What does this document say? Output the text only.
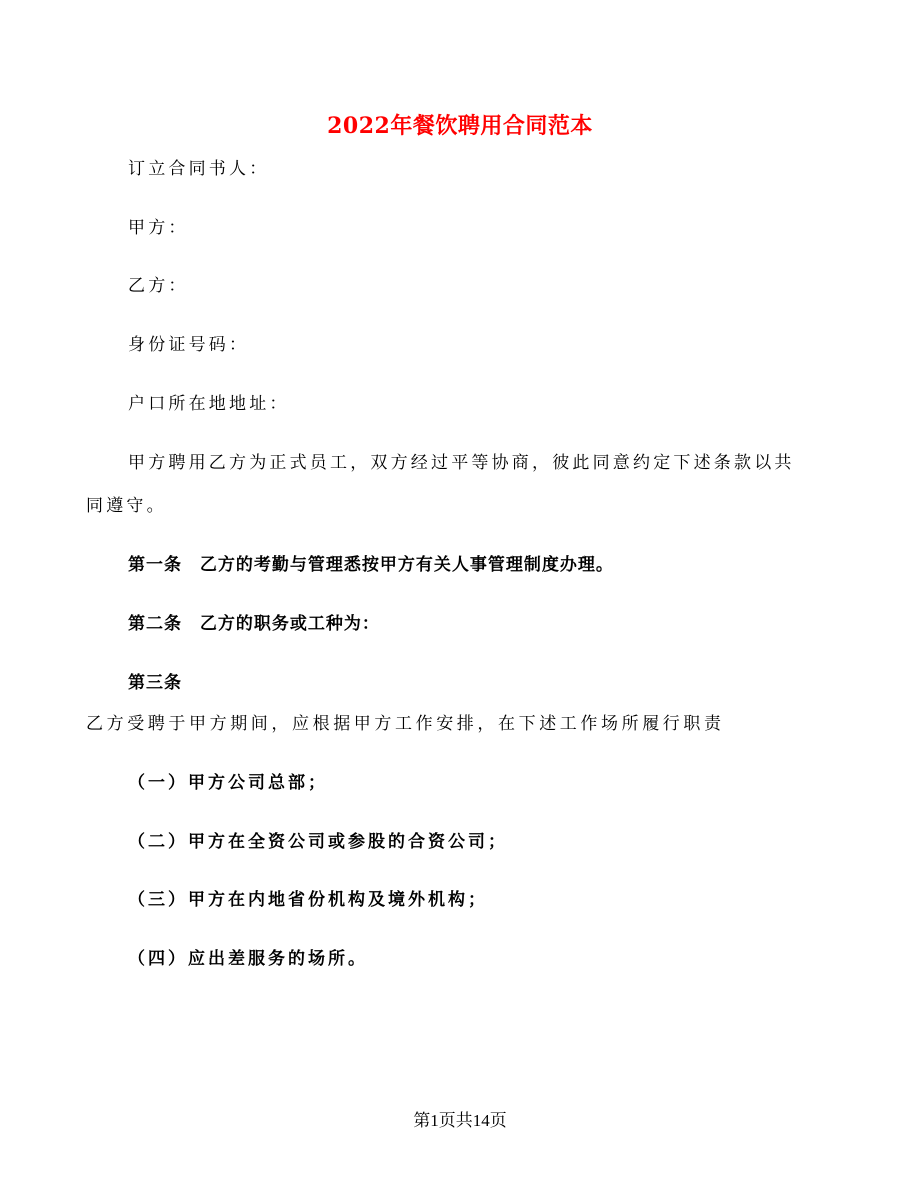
2022年餐饮聘用合同范本
订立合同书人：
甲方：
乙方：
身份证号码：
户口所在地地址：
甲方聘用乙方为正式员工，双方经过平等协商，彼此同意约定下述条款以共
同遵守。
第一条 乙方的考勤与管理悉按甲方有关人事管理制度办理。
第二条 乙方的职务或工种为：
第三条
乙方受聘于甲方期间，应根据甲方工作安排，在下述工作场所履行职责
（一）甲方公司总部；
（二）甲方在全资公司或参股的合资公司；
（三）甲方在内地省份机构及境外机构；
（四）应出差服务的场所。
第1页共14页
